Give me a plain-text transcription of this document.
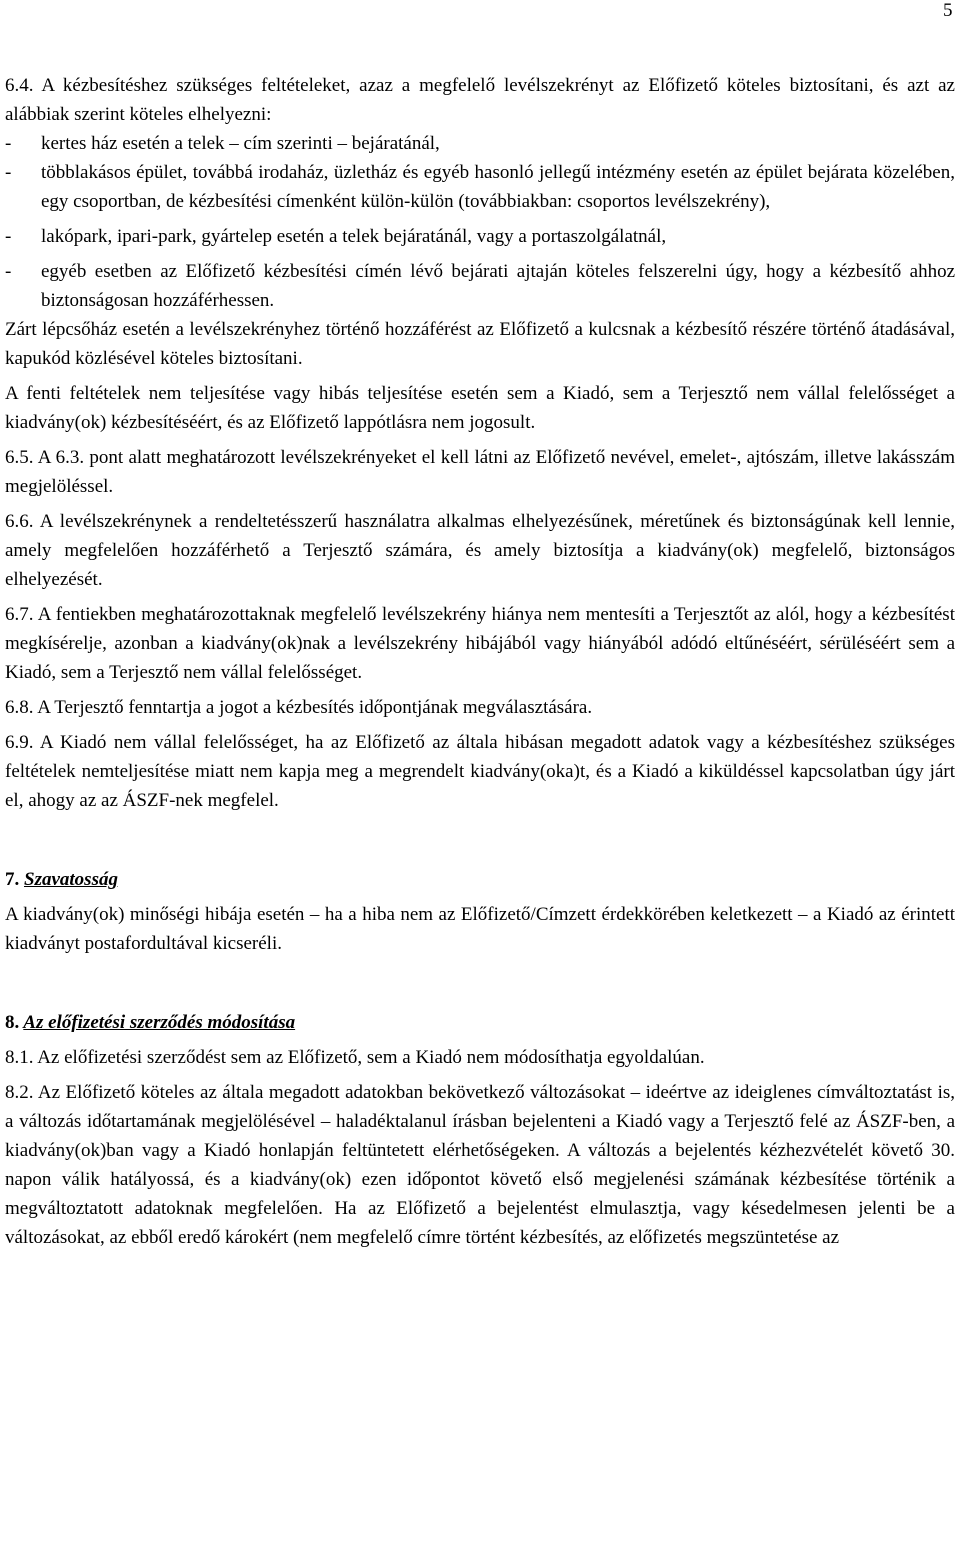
5

6.4. A kézbesítéshez szükséges feltételeket, azaz a megfelelő levélszekrényt az Előfizető köteles biztosítani, és azt az alábbiak szerint köteles elhelyezni:

- kertes ház esetén a telek – cím szerinti – bejáratánál,
- többlakásos épület, továbbá irodaház, üzletház és egyéb hasonló jellegű intézmény esetén az épület bejárata közelében, egy csoportban, de kézbesítési címenként külön-külön (továbbiakban: csoportos levélszekrény),
- lakópark, ipari-park, gyártelep esetén a telek bejáratánál, vagy a portaszolgálatnál,
- egyéb esetben az Előfizető kézbesítési címén lévő bejárati ajtaján köteles felszerelni úgy, hogy a kézbesítő ahhoz biztonságosan hozzáférhessen.

Zárt lépcsőház esetén a levélszekrényhez történő hozzáférést az Előfizető a kulcsnak a kézbesítő részére történő átadásával, kapukód közlésével köteles biztosítani.

A fenti feltételek nem teljesítése vagy hibás teljesítése esetén sem a Kiadó, sem a Terjesztő nem vállal felelősséget a kiadvány(ok) kézbesítéséért, és az Előfizető lappótlásra nem jogosult.

6.5. A 6.3. pont alatt meghatározott levélszekrényeket el kell látni az Előfizető nevével, emelet-, ajtószám, illetve lakásszám megjelöléssel.

6.6. A levélszekrénynek a rendeltetésszerű használatra alkalmas elhelyezésűnek, méretűnek és biztonságúnak kell lennie, amely megfelelően hozzáférhető a Terjesztő számára, és amely biztosítja a kiadvány(ok) megfelelő, biztonságos elhelyezését.

6.7. A fentiekben meghatározottaknak megfelelő levélszekrény hiánya nem mentesíti a Terjesztőt az alól, hogy a kézbesítést megkísérelje, azonban a kiadvány(ok)nak a levélszekrény hibájából vagy hiányából adódó eltűnéséért, sérüléséért sem a Kiadó, sem a Terjesztő nem vállal felelősséget.

6.8. A Terjesztő fenntartja a jogot a kézbesítés időpontjának megválasztására.

6.9. A Kiadó nem vállal felelősséget, ha az Előfizető az általa hibásan megadott adatok vagy a kézbesítéshez szükséges feltételek nemteljesítése miatt nem kapja meg a megrendelt kiadvány(oka)t, és a Kiadó a kiküldéssel kapcsolatban úgy járt el, ahogy az az ÁSZF-nek megfelel.

7. Szavatosság

A kiadvány(ok) minőségi hibája esetén – ha a hiba nem az Előfizető/Címzett érdekkörében keletkezett – a Kiadó az érintett kiadványt postafordultával kicseréli.

8. Az előfizetési szerződés módosítása

8.1. Az előfizetési szerződést sem az Előfizető, sem a Kiadó nem módosíthatja egyoldalúan.

8.2. Az Előfizető köteles az általa megadott adatokban bekövetkező változásokat – ideértve az ideiglenes címváltoztatást is, a változás időtartamának megjelölésével – haladéktalanul írásban bejelenteni a Kiadó vagy a Terjesztő felé az ÁSZF-ben, a kiadvány(ok)ban vagy a Kiadó honlapján feltüntetett elérhetőségeken. A változás a bejelentés kézhezvételét követő 30. napon válik hatályossá, és a kiadvány(ok) ezen időpontot követő első megjelenési számának kézbesítése történik a megváltoztatott adatoknak megfelelően. Ha az Előfizető a bejelentést elmulasztja, vagy késedelmesen jelenti be a változásokat, az ebből eredő károkért (nem megfelelő címre történt kézbesítés, az előfizetés megszüntetése az
